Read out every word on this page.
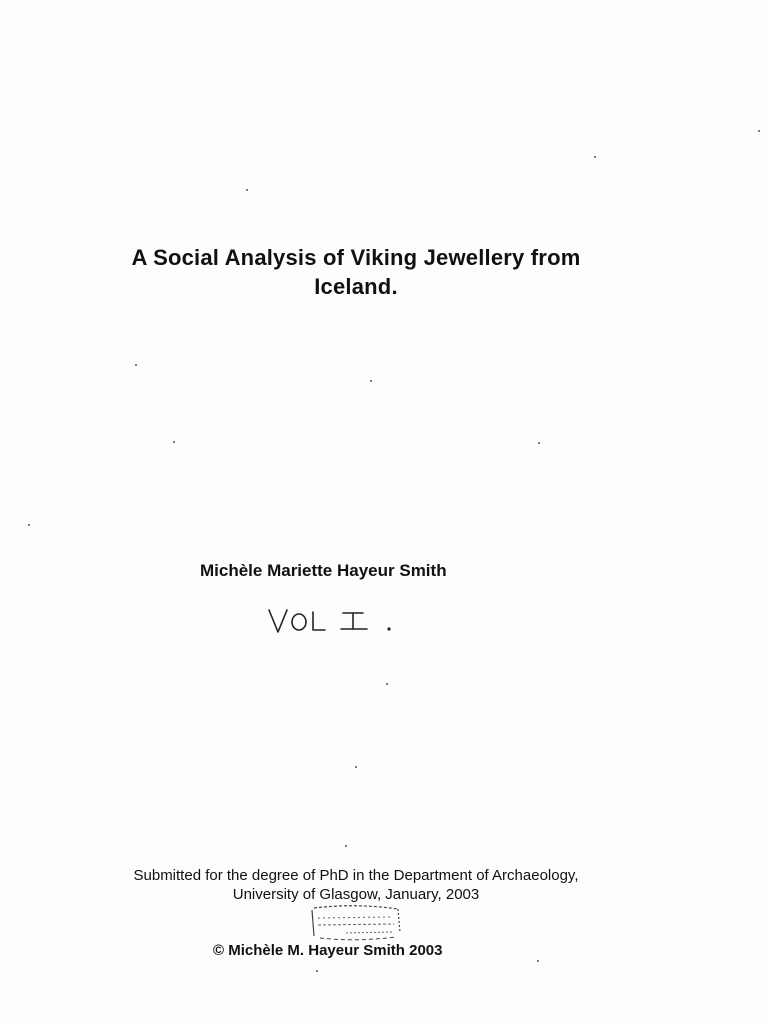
A Social Analysis of Viking Jewellery from
Iceland.
Michèle Mariette Hayeur Smith
Submitted for the degree of PhD in the Department of Archaeology,
University of Glasgow, January, 2003
© Michèle M. Hayeur Smith 2003
